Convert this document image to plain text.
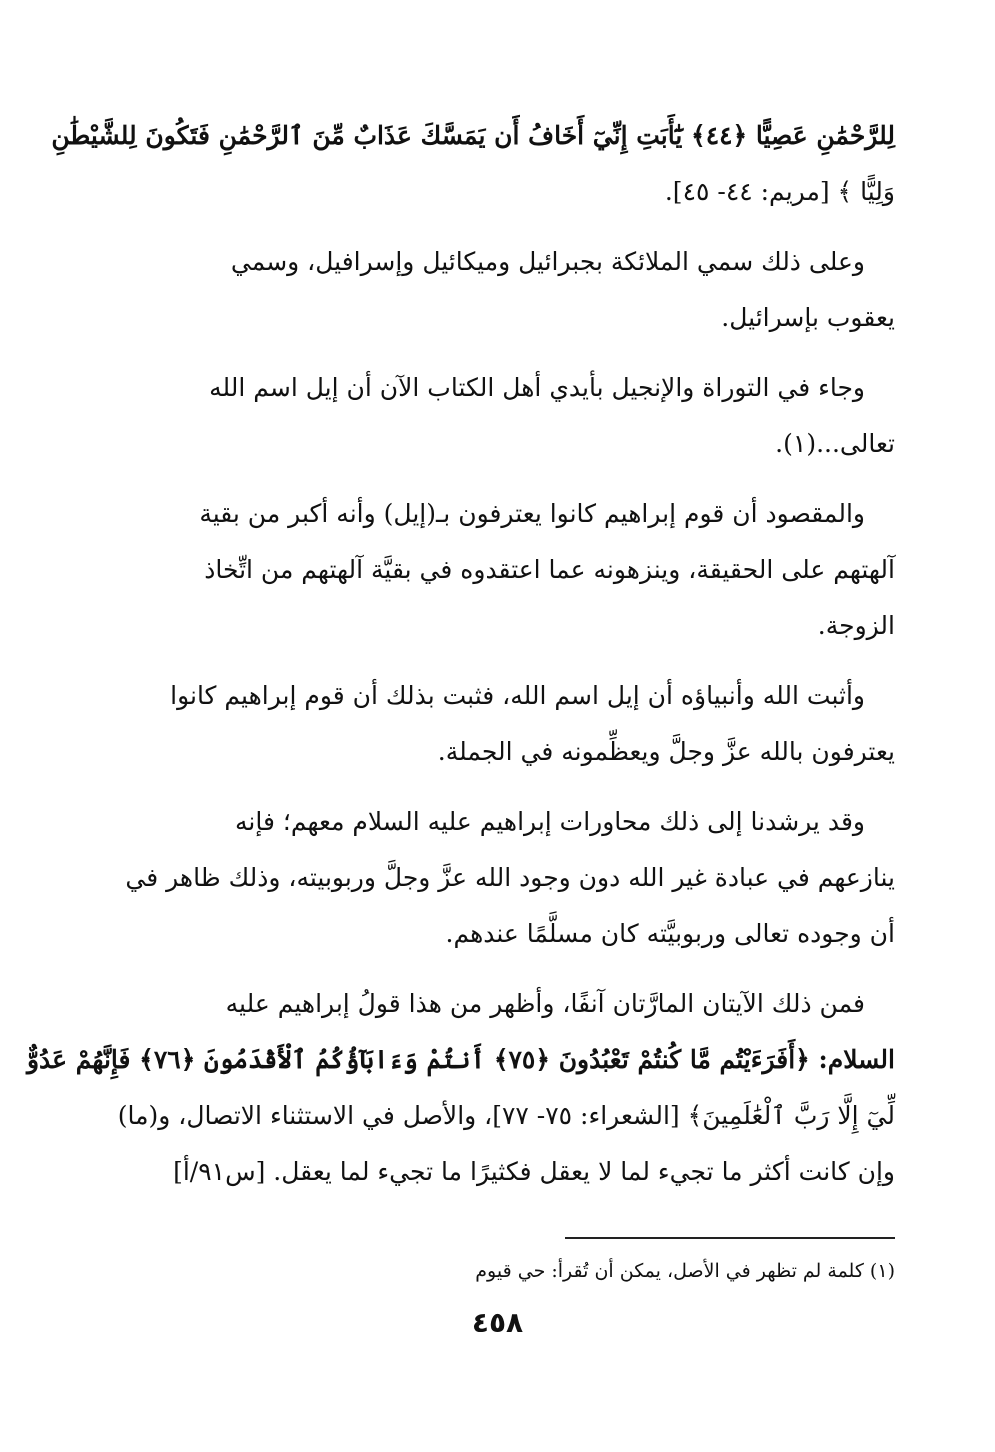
لِلرَّحْمَٰنِ عَصِيًّا ﴿٤٤﴾ يَٰٓأَبَتِ إِنِّيٓ أَخَافُ أَن يَمَسَّكَ عَذَابٌ مِّنَ ٱلرَّحْمَٰنِ فَتَكُونَ لِلشَّيْطَٰنِ
وَلِيًّا ﴾ [مريم: ٤٤- ٤٥].
وعلى ذلك سمي الملائكة بجبرائيل وميكائيل وإسرافيل، وسمي
يعقوب بإسرائيل.
وجاء في التوراة والإنجيل بأيدي أهل الكتاب الآن أن إيل اسم الله
تعالى...(١).
والمقصود أن قوم إبراهيم كانوا يعترفون بـ(إيل) وأنه أكبر من بقية
آلهتهم على الحقيقة، وينزهونه عما اعتقدوه في بقيَّة آلهتهم من اتِّخاذ
الزوجة.
وأثبت الله وأنبياؤه أن إيل اسم الله، فثبت بذلك أن قوم إبراهيم كانوا
يعترفون بالله عزَّ وجلَّ ويعظِّمونه في الجملة.
وقد يرشدنا إلى ذلك محاورات إبراهيم عليه السلام معهم؛ فإنه
ينازعهم في عبادة غير الله دون وجود الله عزَّ وجلَّ وربوبيته، وذلك ظاهر في
أن وجوده تعالى وربوبيَّته كان مسلَّمًا عندهم.
فمن ذلك الآيتان المارَّتان آنفًا، وأظهر من هذا قولُ إبراهيم عليه
السلام: ﴿أَفَرَءَيْتُم مَّا كُنتُمْ تَعْبُدُونَ ﴿٧٥﴾ أَنتُمْ وَءَابَآؤُكُمُ ٱلْأَقْدَمُونَ ﴿٧٦﴾ فَإِنَّهُمْ عَدُوٌّ
لِّيٓ إِلَّا رَبَّ ٱلْعَٰلَمِينَ﴾ [الشعراء: ٧٥- ٧٧]، والأصل في الاستثناء الاتصال، و(ما)
وإن كانت أكثر ما تجيء لما لا يعقل فكثيرًا ما تجيء لما يعقل. [س٩١/أ]
(١) كلمة لم تظهر في الأصل، يمكن أن تُقرأ: حي قيوم
٤٥٨
